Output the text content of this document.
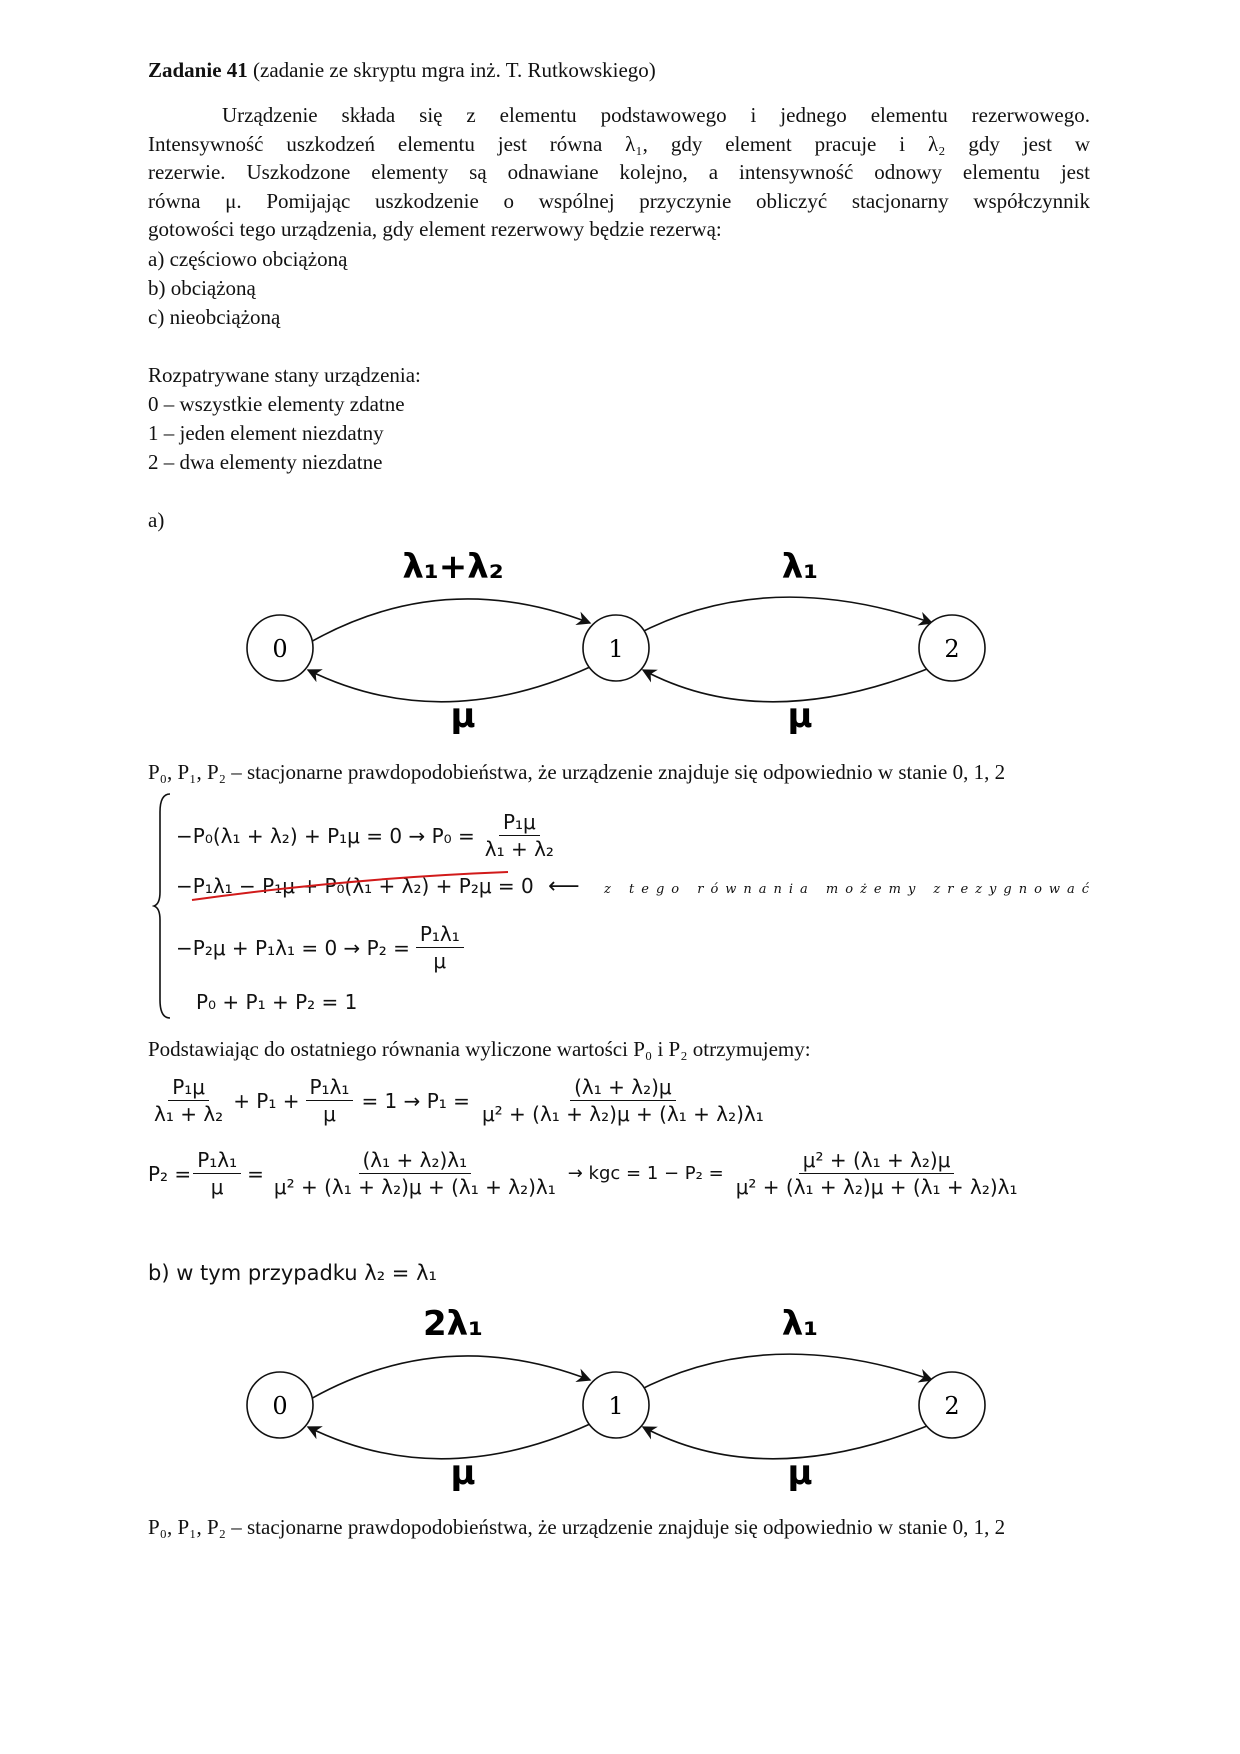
Zadanie 41 (zadanie ze skryptu mgra inż. T. Rutkowskiego)
Urządzenie składa się z elementu podstawowego i jednego elementu rezerwowego.
Intensywność uszkodzeń elementu jest równa λ₁, gdy element pracuje i λ₂ gdy jest w
rezerwie. Uszkodzone elementy są odnawiane kolejno, a intensywność odnowy elementu jest
równa μ. Pomijając uszkodzenie o wspólnej przyczynie obliczyć stacjonarny współczynnik
gotowości tego urządzenia, gdy element rezerwowy będzie rezerwą:
a) częściowo obciążoną
b) obciążoną
c) nieobciążoną
Rozpatrywane stany urządzenia:
0 – wszystkie elementy zdatne
1 – jeden element niezdatny
2 – dwa elementy niezdatne
a)
λ₁+λ₂	λ₁
0	1	2
μ	μ
P₀, P₁, P₂ – stacjonarne prawdopodobieństwa, że urządzenie znajduje się odpowiednio w stanie 0, 1, 2
$-P_0(\lambda_1 + \lambda_2) + P_1\mu = 0 \to P_0 = \frac{\text{P₁μ}}{\text{λ₁ + λ₂}}$
−P₁λ₁ − P₁μ + P₀(λ₁ + λ₂) + P₂μ = 0 ⟵ z tego równania możemy zrezygnować
$-P_2\mu + P_1\lambda_1 = 0 \to P_2 = \frac{\text{P₁λ₁}}{\mu}$
P₀ + P₁ + P₂ = 1
Podstawiając do ostatniego równania wyliczone wartości P₀ i P₂ otrzymujemy:
$\frac{\text{P₁μ}}{\text{λ₁ + λ₂}} + P_1 + \frac{\text{P₁λ₁}}{\mu} = 1 \to P_1 = \frac{\text{(λ₁ + λ₂)μ}}{\text{μ² + (λ₁ + λ₂)μ + (λ₁ + λ₂)λ₁}}$
$P_2 = \frac{\text{P₁λ₁}}{\mu} = \frac{\text{(λ₁ + λ₂)λ₁}}{\text{μ² + (λ₁ + λ₂)μ + (λ₁ + λ₂)λ₁}}$ → kgc = $1 - P_2 = \frac{\text{μ² + (λ₁ + λ₂)μ}}{\text{μ² + (λ₁ + λ₂)μ + (λ₁ + λ₂)λ₁}}$
b) w tym przypadku λ₂ = λ₁
2λ₁	λ₁
0	1	2
μ	μ
P₀, P₁, P₂ – stacjonarne prawdopodobieństwa, że urządzenie znajduje się odpowiednio w stanie 0, 1, 2
